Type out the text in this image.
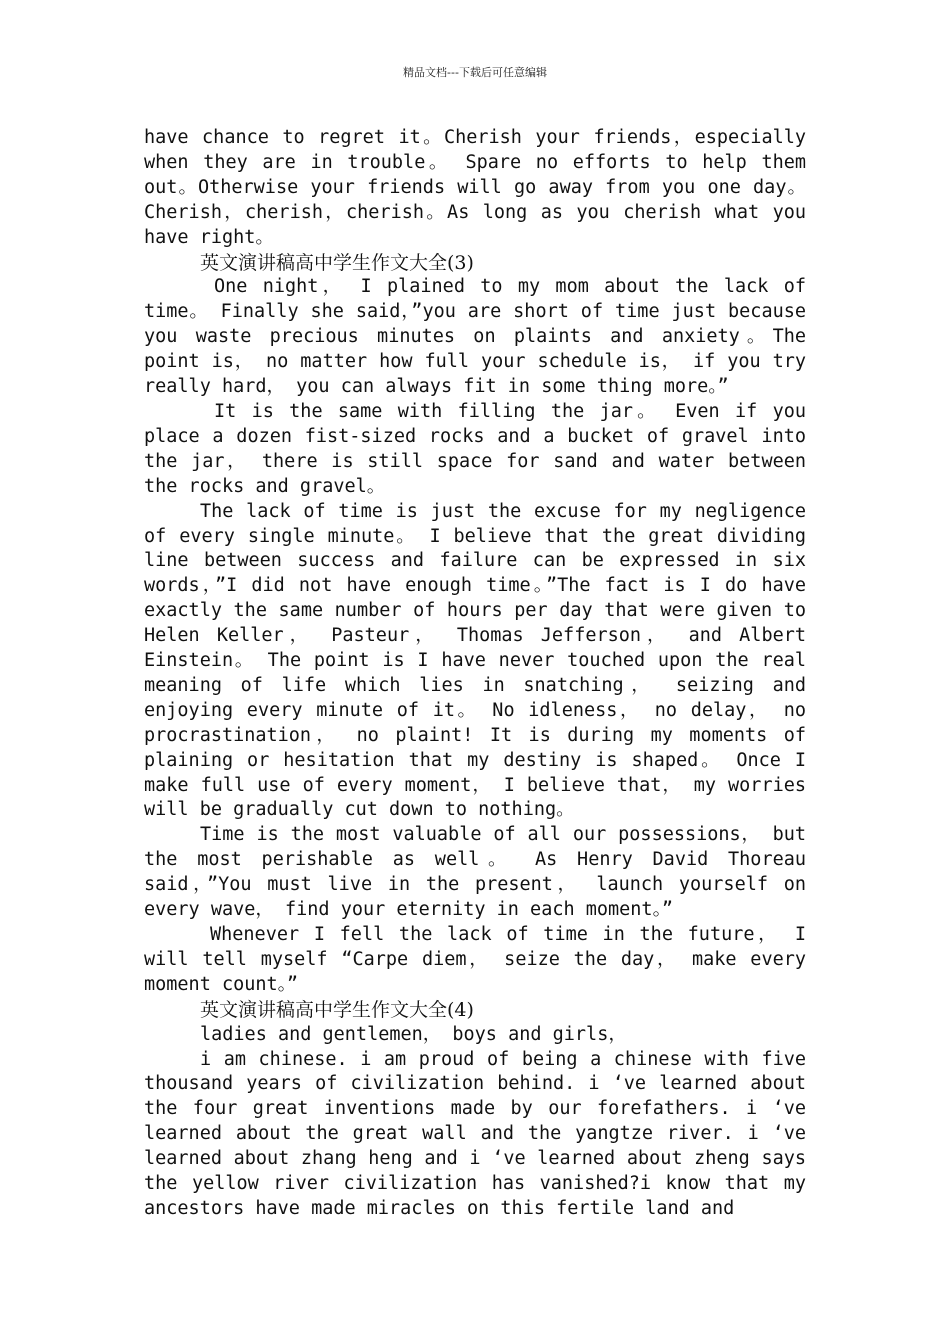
精品文档---下载后可任意编辑

have chance to regret it。Cherish your friends，especially when they are in trouble。 Spare no efforts to help them out。Otherwise your friends will go away from you one day。Cherish，cherish，cherish。As long as you cherish what you have right。

英文演讲稿高中学生作文大全(3)

One night， I plained to my mom about the lack of time。 Finally she said，”you are short of time just because you waste precious minutes on plaints and anxiety。The point is， no matter how full your schedule is， if you try really hard， you can always fit in some thing more。”

It is the same with filling the jar。 Even if you place a dozen fist-sized rocks and a bucket of gravel into the jar， there is still space for sand and water between the rocks and gravel。

The lack of time is just the excuse for my negligence of every single minute。 I believe that the great dividing line between success and failure can be expressed in six words，”I did not have enough time。”The fact is I do have exactly the same number of hours per day that were given to Helen Keller， Pasteur， Thomas Jefferson， and Albert Einstein。 The point is I have never touched upon the real meaning of life which lies in snatching， seizing and enjoying every minute of it。 No idleness， no delay， no procrastination， no plaint! It is during my moments of plaining or hesitation that my destiny is shaped。 Once I make full use of every moment， I believe that， my worries will be gradually cut down to nothing。

Time is the most valuable of all our possessions， but the most perishable as well。 As Henry David Thoreau said，”You must live in the present， launch yourself on every wave， find your eternity in each moment。”

Whenever I fell the lack of time in the future， I will tell myself “Carpe diem， seize the day， make every moment count。”

英文演讲稿高中学生作文大全(4)

ladies and gentlemen， boys and girls，

i am chinese. i am proud of being a chinese with five thousand years of civilization behind. i ‘ve learned about the four great inventions made by our forefathers. i ‘ve learned about the great wall and the yangtze river. i ‘ve learned about zhang heng and i ‘ve learned about zheng says the yellow river civilization has vanished?i know that my ancestors have made miracles on this fertile land and
